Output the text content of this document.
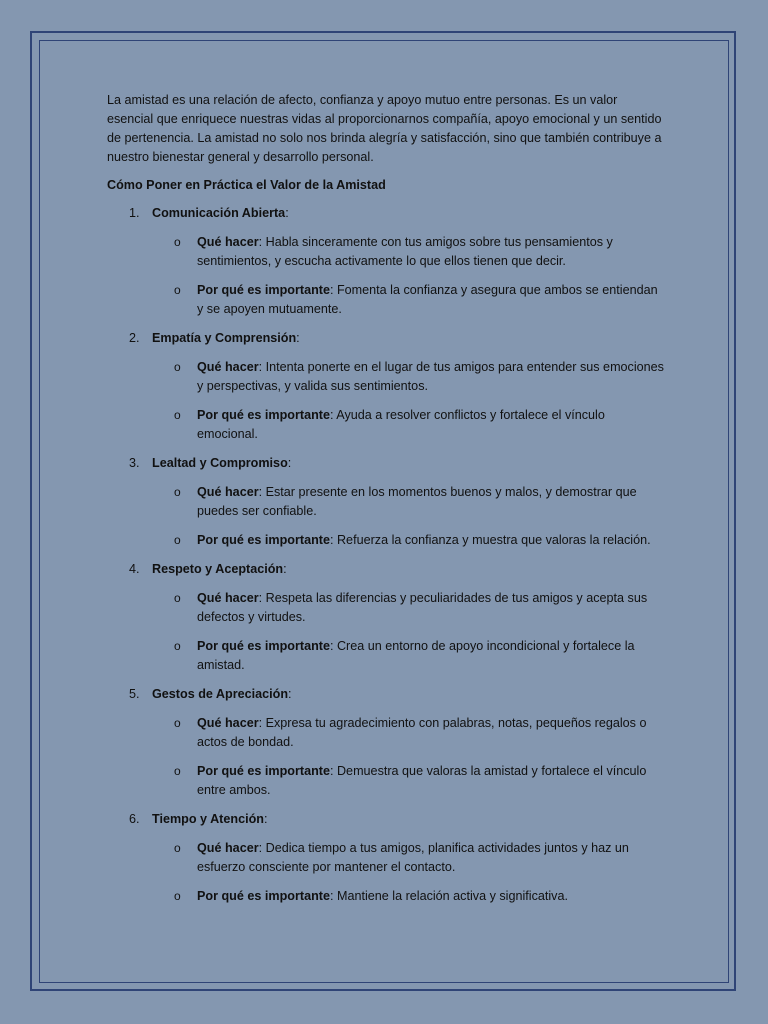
La amistad es una relación de afecto, confianza y apoyo mutuo entre personas. Es un valor esencial que enriquece nuestras vidas al proporcionarnos compañía, apoyo emocional y un sentido de pertenencia. La amistad no solo nos brinda alegría y satisfacción, sino que también contribuye a nuestro bienestar general y desarrollo personal.

Cómo Poner en Práctica el Valor de la Amistad

1. Comunicación Abierta:
o Qué hacer: Habla sinceramente con tus amigos sobre tus pensamientos y sentimientos, y escucha activamente lo que ellos tienen que decir.
o Por qué es importante: Fomenta la confianza y asegura que ambos se entiendan y se apoyen mutuamente.
2. Empatía y Comprensión:
o Qué hacer: Intenta ponerte en el lugar de tus amigos para entender sus emociones y perspectivas, y valida sus sentimientos.
o Por qué es importante: Ayuda a resolver conflictos y fortalece el vínculo emocional.
3. Lealtad y Compromiso:
o Qué hacer: Estar presente en los momentos buenos y malos, y demostrar que puedes ser confiable.
o Por qué es importante: Refuerza la confianza y muestra que valoras la relación.
4. Respeto y Aceptación:
o Qué hacer: Respeta las diferencias y peculiaridades de tus amigos y acepta sus defectos y virtudes.
o Por qué es importante: Crea un entorno de apoyo incondicional y fortalece la amistad.
5. Gestos de Apreciación:
o Qué hacer: Expresa tu agradecimiento con palabras, notas, pequeños regalos o actos de bondad.
o Por qué es importante: Demuestra que valoras la amistad y fortalece el vínculo entre ambos.
6. Tiempo y Atención:
o Qué hacer: Dedica tiempo a tus amigos, planifica actividades juntos y haz un esfuerzo consciente por mantener el contacto.
o Por qué es importante: Mantiene la relación activa y significativa.
